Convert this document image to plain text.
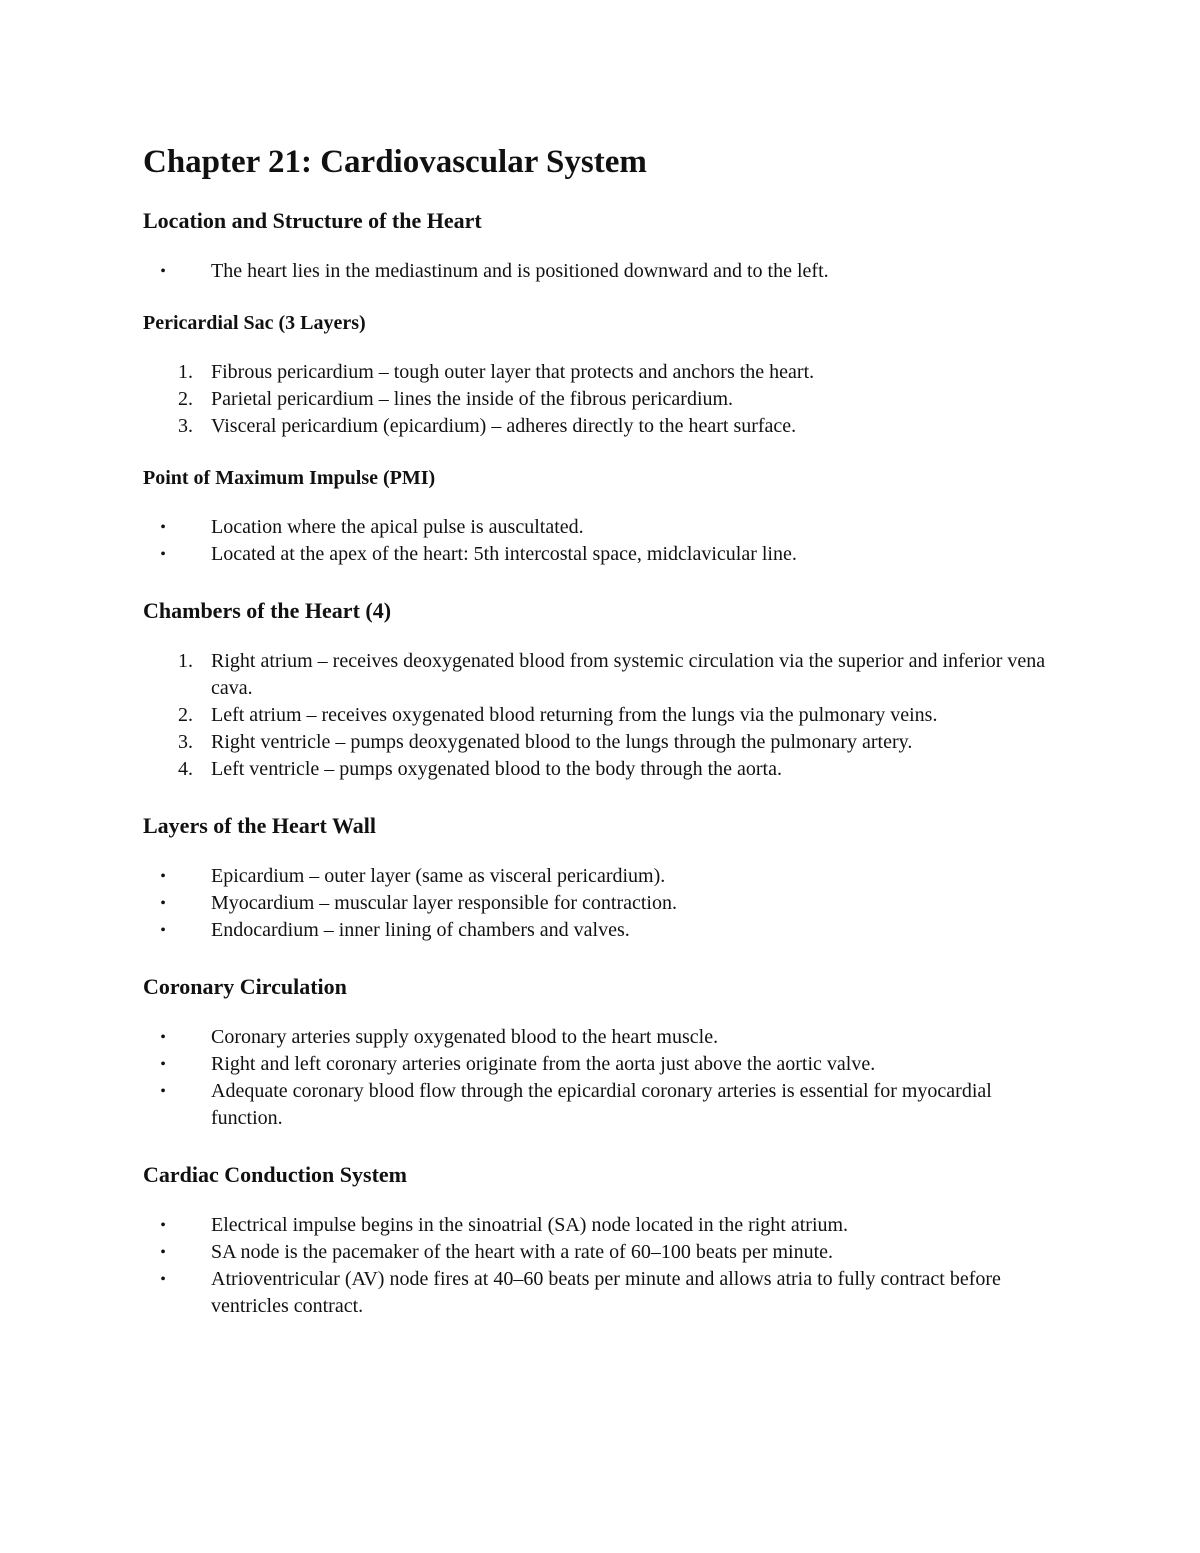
Chapter 21: Cardiovascular System
Location and Structure of the Heart
•	The heart lies in the mediastinum and is positioned downward and to the left.
Pericardial Sac (3 Layers)
1. Fibrous pericardium – tough outer layer that protects and anchors the heart.
2. Parietal pericardium – lines the inside of the fibrous pericardium.
3. Visceral pericardium (epicardium) – adheres directly to the heart surface.
Point of Maximum Impulse (PMI)
•	Location where the apical pulse is auscultated.
•	Located at the apex of the heart: 5th intercostal space, midclavicular line.
Chambers of the Heart (4)
1. Right atrium – receives deoxygenated blood from systemic circulation via the superior and inferior vena cava.
2. Left atrium – receives oxygenated blood returning from the lungs via the pulmonary veins.
3. Right ventricle – pumps deoxygenated blood to the lungs through the pulmonary artery.
4. Left ventricle – pumps oxygenated blood to the body through the aorta.
Layers of the Heart Wall
•	Epicardium – outer layer (same as visceral pericardium).
•	Myocardium – muscular layer responsible for contraction.
•	Endocardium – inner lining of chambers and valves.
Coronary Circulation
•	Coronary arteries supply oxygenated blood to the heart muscle.
•	Right and left coronary arteries originate from the aorta just above the aortic valve.
•	Adequate coronary blood flow through the epicardial coronary arteries is essential for myocardial function.
Cardiac Conduction System
•	Electrical impulse begins in the sinoatrial (SA) node located in the right atrium.
•	SA node is the pacemaker of the heart with a rate of 60–100 beats per minute.
•	Atrioventricular (AV) node fires at 40–60 beats per minute and allows atria to fully contract before ventricles contract.
